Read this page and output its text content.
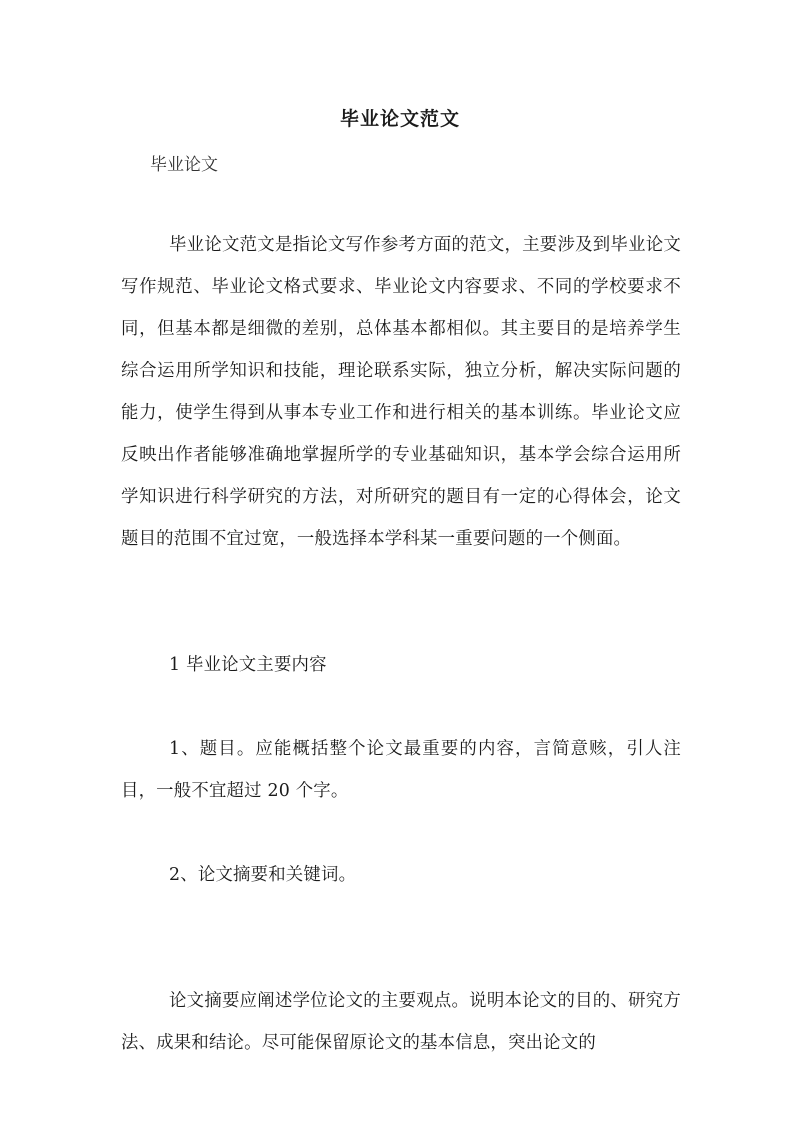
毕业论文范文
毕业论文
毕业论文范文是指论文写作参考方面的范文，主要涉及到毕业论文写作规范、毕业论文格式要求、毕业论文内容要求、不同的学校要求不同，但基本都是细微的差别，总体基本都相似。其主要目的是培养学生综合运用所学知识和技能，理论联系实际，独立分析，解决实际问题的能力，使学生得到从事本专业工作和进行相关的基本训练。毕业论文应反映出作者能够准确地掌握所学的专业基础知识，基本学会综合运用所学知识进行科学研究的方法，对所研究的题目有一定的心得体会，论文题目的范围不宜过宽，一般选择本学科某一重要问题的一个侧面。
1 毕业论文主要内容
1、题目。应能概括整个论文最重要的内容，言简意赅，引人注目，一般不宜超过 20 个字。
2、论文摘要和关键词。
论文摘要应阐述学位论文的主要观点。说明本论文的目的、研究方法、成果和结论。尽可能保留原论文的基本信息，突出论文的
